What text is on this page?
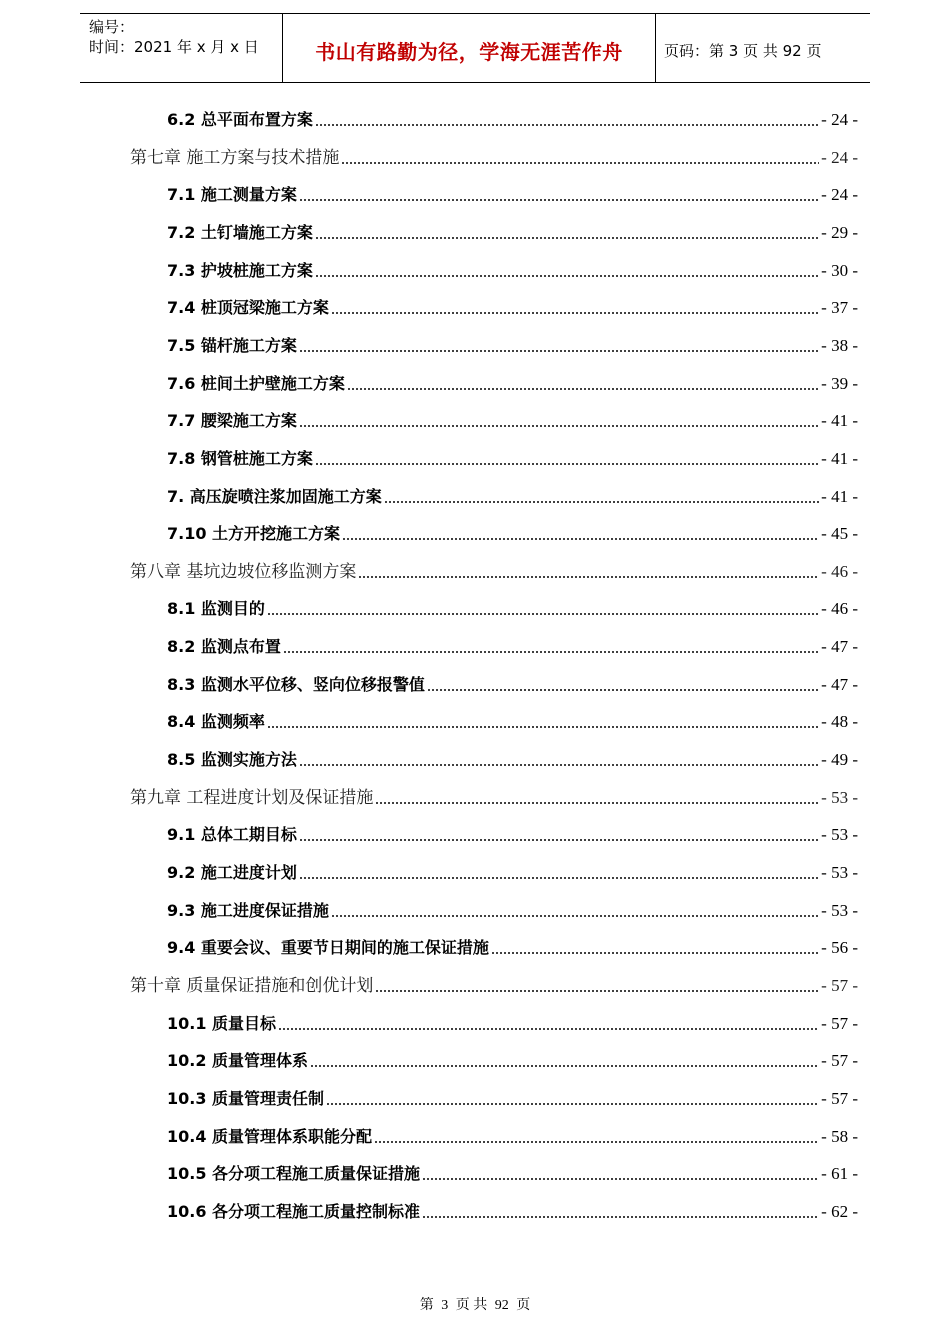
编号：
时间：2021 年 x 月 x 日	书山有路勤为径，学海无涯苦作舟	页码：第 3 页 共 92 页
6.2 总平面布置方案	- 24 -
第七章 施工方案与技术措施	- 24 -
7.1 施工测量方案	- 24 -
7.2 土钉墙施工方案	- 29 -
7.3 护坡桩施工方案	- 30 -
7.4 桩顶冠梁施工方案	- 37 -
7.5 锚杆施工方案	- 38 -
7.6 桩间土护壁施工方案	- 39 -
7.7 腰梁施工方案	- 41 -
7.8 钢管桩施工方案	- 41 -
7. 高压旋喷注浆加固施工方案	- 41 -
7.10 土方开挖施工方案	- 45 -
第八章 基坑边坡位移监测方案	- 46 -
8.1 监测目的	- 46 -
8.2 监测点布置	- 47 -
8.3 监测水平位移、竖向位移报警值	- 47 -
8.4 监测频率	- 48 -
8.5 监测实施方法	- 49 -
第九章 工程进度计划及保证措施	- 53 -
9.1 总体工期目标	- 53 -
9.2 施工进度计划	- 53 -
9.3 施工进度保证措施	- 53 -
9.4 重要会议、重要节日期间的施工保证措施	- 56 -
第十章 质量保证措施和创优计划	- 57 -
10.1 质量目标	- 57 -
10.2 质量管理体系	- 57 -
10.3 质量管理责任制	- 57 -
10.4 质量管理体系职能分配	- 58 -
10.5 各分项工程施工质量保证措施	- 61 -
10.6 各分项工程施工质量控制标准	- 62 -
第 3 页 共 92 页
